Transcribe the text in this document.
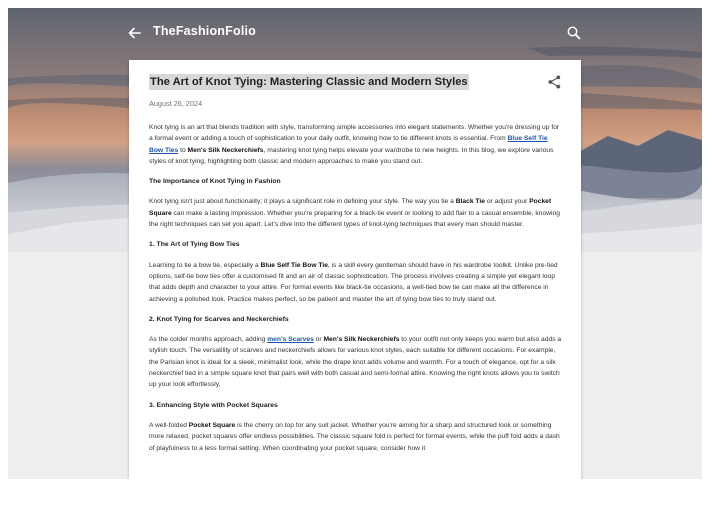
TheFashionFolio
The Art of Knot Tying: Mastering Classic and Modern Styles
August 26, 2024

Knot tying is an art that blends tradition with style, transforming simple accessories into elegant statements. Whether you're dressing up for a formal event or adding a touch of sophistication to your daily outfit, knowing how to tie different knots is essential. From Blue Self Tie Bow Ties to Men's Silk Neckerchiefs, mastering knot tying helps elevate your wardrobe to new heights. In this blog, we explore various styles of knot tying, highlighting both classic and modern approaches to make you stand out.

The Importance of Knot Tying in Fashion

Knot tying isn't just about functionality; it plays a significant role in defining your style. The way you tie a Black Tie or adjust your Pocket Square can make a lasting impression. Whether you're preparing for a black-tie event or looking to add flair to a casual ensemble, knowing the right techniques can set you apart. Let's dive into the different types of knot-tying techniques that every man should master.

1. The Art of Tying Bow Ties

Learning to tie a bow tie, especially a Blue Self Tie Bow Tie, is a skill every gentleman should have in his wardrobe toolkit. Unlike pre-tied options, self-tie bow ties offer a customised fit and an air of classic sophistication. The process involves creating a simple yet elegant loop that adds depth and character to your attire. For formal events like black-tie occasions, a well-tied bow tie can make all the difference in achieving a polished look. Practice makes perfect, so be patient and master the art of tying bow ties to truly stand out.

2. Knot Tying for Scarves and Neckerchiefs

As the colder months approach, adding men's Scarves or Men's Silk Neckerchiefs to your outfit not only keeps you warm but also adds a stylish touch. The versatility of scarves and neckerchiefs allows for various knot styles, each suitable for different occasions. For example, the Parisian knot is ideal for a sleek, minimalist look, while the drape knot adds volume and warmth. For a touch of elegance, opt for a silk neckerchief tied in a simple square knot that pairs well with both casual and semi-formal attire. Knowing the right knots allows you to switch up your look effortlessly.

3. Enhancing Style with Pocket Squares

A well-folded Pocket Square is the cherry on top for any suit jacket. Whether you're aiming for a sharp and structured look or something more relaxed, pocket squares offer endless possibilities. The classic square fold is perfect for formal events, while the puff fold adds a dash of playfulness to a less formal setting. When coordinating your pocket square, consider how it
